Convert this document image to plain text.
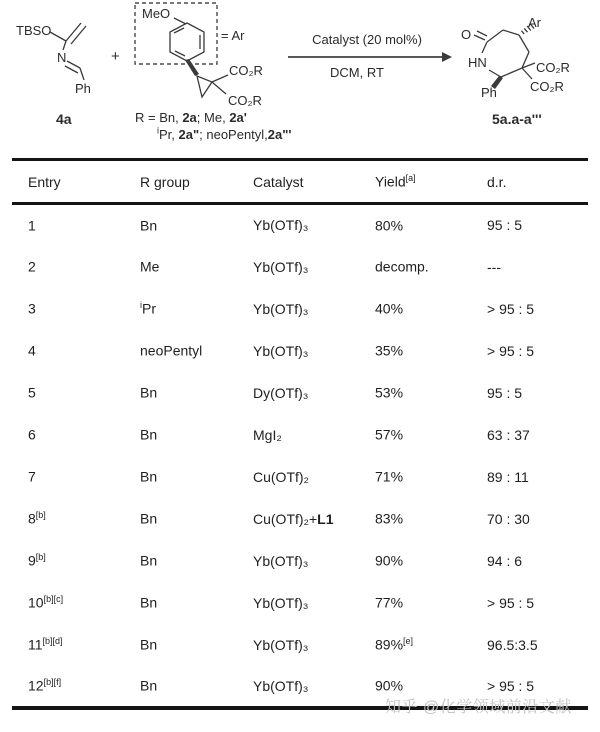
TBSO
N
Ph
4a
+
MeO
= Ar
CO₂R
CO₂R
R = Bn, 2a; Me, 2a'
$^i$Pr, 2a"; neoPentyl,2a"'
Catalyst (20 mol%)
DCM, RT
O
HN
Ph
Ar
CO₂R
CO₂R
5a.a-a'''
Entry	R group	Catalyst	Yield[a]	d.r.
1	Bn	Yb(OTf)₃	80%	95 : 5
2	Me	Yb(OTf)₃	decomp.	---
3	$^i$Pr	Yb(OTf)₃	40%	> 95 : 5
4	neoPentyl	Yb(OTf)₃	35%	> 95 : 5
5	Bn	Dy(OTf)₃	53%	95 : 5
6	Bn	MgI₂	57%	63 : 37
7	Bn	Cu(OTf)₂	71%	89 : 11
8[b]	Bn	Cu(OTf)₂+L1	83%	70 : 30
9[b]	Bn	Yb(OTf)₃	90%	94 : 6
10[b][c]	Bn	Yb(OTf)₃	77%	> 95 : 5
11[b][d]	Bn	Yb(OTf)₃	89%[e]	96.5:3.5
12[b][f]	Bn	Yb(OTf)₃	90%	> 95 : 5
知乎 @化学领域前沿文献
